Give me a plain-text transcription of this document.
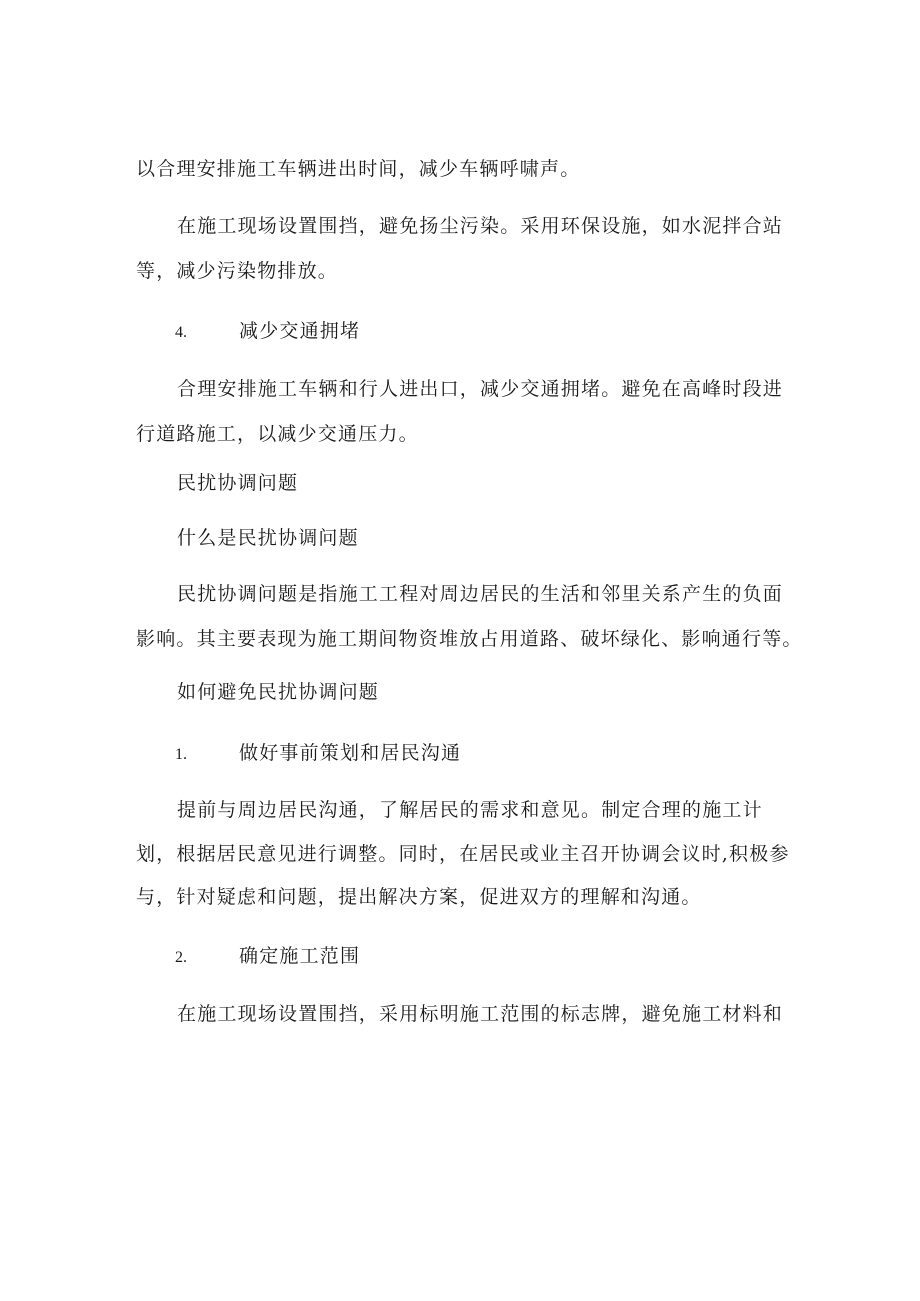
以合理安排施工车辆进出时间，减少车辆呼啸声。
在施工现场设置围挡，避免扬尘污染。采用环保设施，如水泥拌合站
等，减少污染物排放。
4.	减少交通拥堵
合理安排施工车辆和行人进出口，减少交通拥堵。避免在高峰时段进
行道路施工，以减少交通压力。
民扰协调问题
什么是民扰协调问题
民扰协调问题是指施工工程对周边居民的生活和邻里关系产生的负面
影响。其主要表现为施工期间物资堆放占用道路、破坏绿化、影响通行等。
如何避免民扰协调问题
1.	做好事前策划和居民沟通
提前与周边居民沟通，了解居民的需求和意见。制定合理的施工计
划，根据居民意见进行调整。同时，在居民或业主召开协调会议时,积极参
与，针对疑虑和问题，提出解决方案，促进双方的理解和沟通。
2.	确定施工范围
在施工现场设置围挡，采用标明施工范围的标志牌，避免施工材料和
